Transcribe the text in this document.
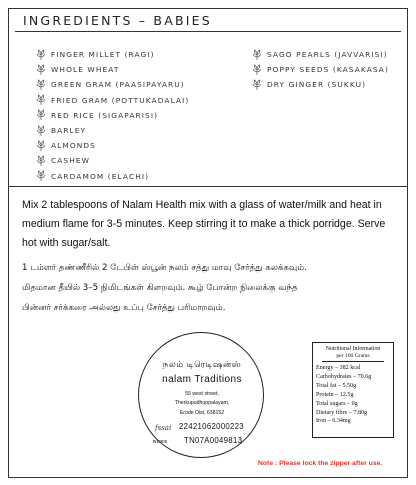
INGREDIENTS – BABIES
FINGER MILLET (RAGI)
WHOLE WHEAT
GREEN GRAM (PAASIPAYARU)
FRIED GRAM (POTTUKADALAI)
RED RICE (SIGAPARISI)
BARLEY
ALMONDS
CASHEW
CARDAMOM (ELACHI)
SAGO PEARLS (JAVVARISI)
POPPY SEEDS (KASAKASA)
DRY GINGER (SUKKU)
Mix 2 tablespoons of Nalam Health mix with a glass of water/milk and heat in medium flame for 3-5 minutes. Keep stirring it to make a thick porridge. Serve hot with sugar/salt.
1 டம்ளர் தண்ணீரில் 2 டேபிள் ஸ்பூன் நலம் சத்து மாவு சேர்த்து கலக்கவும்.
மிதமான தீயில் 3–5 நிமிடங்கள் கிளறவும். கூழ் போன்ற நிலைக்கு வந்த
பின்னர் சர்க்கரை அல்லது உப்பு சேர்த்து பரிமாறவும்.
நலம் டிரெடிஷன்ஸ்
nalam Traditions
55 west street,
Therkupudhuppalayam,
Erode Dist, 638152
fssai 22421062000223
RERE TN07A0049813
Nutritional Information
per 100 Grams
Energy – 382 kcal
Carbohydrates – 70.6g
Total fat – 5.50g
Protein – 12.5g
Total sugars – 0g
Dietary fibre – 7.80g
Iron – 6.34mg
Note : Please lock the zipper after use.
